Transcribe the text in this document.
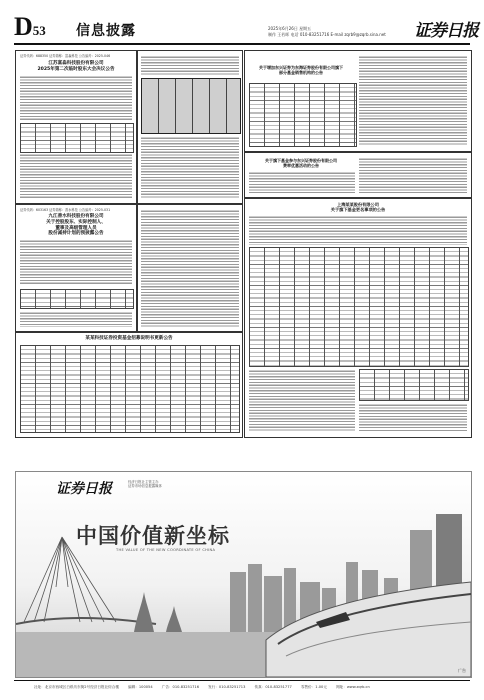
D53 信息披露	2025年6月26日 星期五
制作 王若晖 电话 010-83251716 E-mail zqrb9@zqrb.sina.net	证券日报
证券代码：688350 证券简称：富淼科技 公告编号：2025-046
江苏富淼科技股份有限公司
2025年第二次临时股东大会决议公告
证券代码：603163 证券简称：善水科技 公告编号：2025-031
九江善水科技股份有限公司
关于控股股东、实际控制人、
董事及高级管理人员
股份减持计划的预披露公告
某某科技证券投资基金招募说明书更新公告
关于增加东兴证券为东海证券股份有限公司旗下
部分基金销售机构的公告
关于旗下基金参与东兴证券股份有限公司
费率优惠活动的公告
上海某某股份有限公司
关于旗下基金更名事项的公告
证券日报	经济日报社主管主办
证券市场信息披露媒体
中国价值新坐标
THE VALUE OF THE NEW COORDINATE OF CHINA
广告
社址：北京市西城区白纸坊东街2号经济日报社综合楼	编辑：100054	广告：010-83251716	发行：010-83251713	传真：010-83251777	零售价：1.00元	网址：www.zqrb.cn
